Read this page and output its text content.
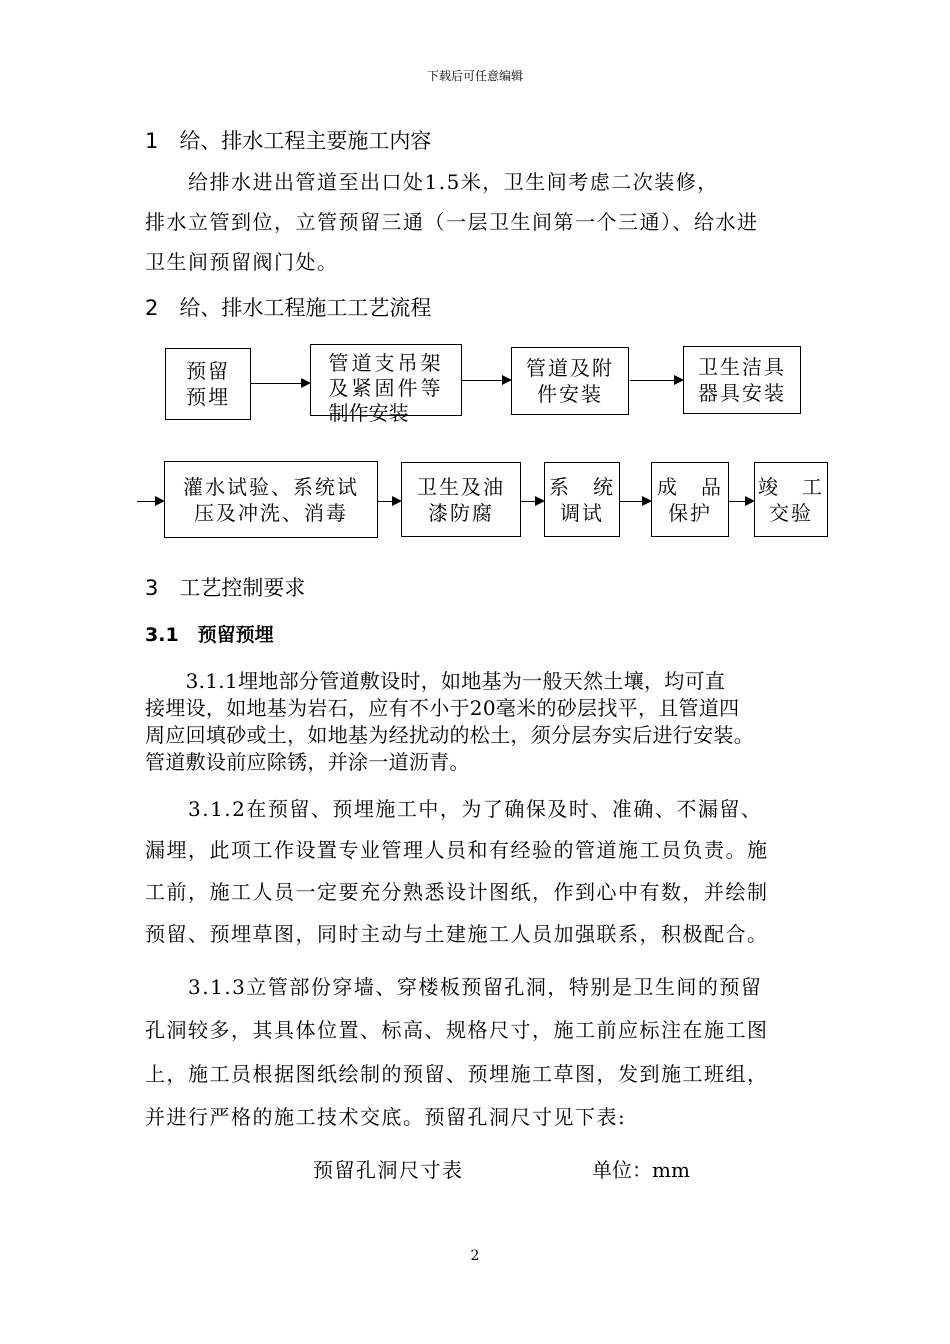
下载后可任意编辑
1　给、排水工程主要施工内容
　　给排水进出管道至出口处1.5米，卫生间考虑二次装修，
排水立管到位，立管预留三通（一层卫生间第一个三通）、给水进
卫生间预留阀门处。
2　给、排水工程施工工艺流程
预留
预埋
管道支吊架
及紧固件等
制作安装
管道及附
件安装
卫生洁具
器具安装
灌水试验、系统试
压及冲洗、消毒
卫生及油
漆防腐
系　统
调试
成　品
保护
竣　工
交验
3　工艺控制要求
3.1　预留预埋
　　3.1.1埋地部分管道敷设时，如地基为一般天然土壤，均可直
接埋设，如地基为岩石，应有不小于20毫米的砂层找平，且管道四
周应回填砂或土，如地基为经扰动的松土，须分层夯实后进行安装。
管道敷设前应除锈，并涂一道沥青。
　　3.1.2在预留、预埋施工中，为了确保及时、准确、不漏留、
漏埋，此项工作设置专业管理人员和有经验的管道施工员负责。施
工前，施工人员一定要充分熟悉设计图纸，作到心中有数，并绘制
预留、预埋草图，同时主动与土建施工人员加强联系，积极配合。
　　3.1.3立管部份穿墙、穿楼板预留孔洞，特别是卫生间的预留
孔洞较多，其具体位置、标高、规格尺寸，施工前应标注在施工图
上，施工员根据图纸绘制的预留、预埋施工草图，发到施工班组，
并进行严格的施工技术交底。预留孔洞尺寸见下表:
预留孔洞尺寸表	单位：mm
2
